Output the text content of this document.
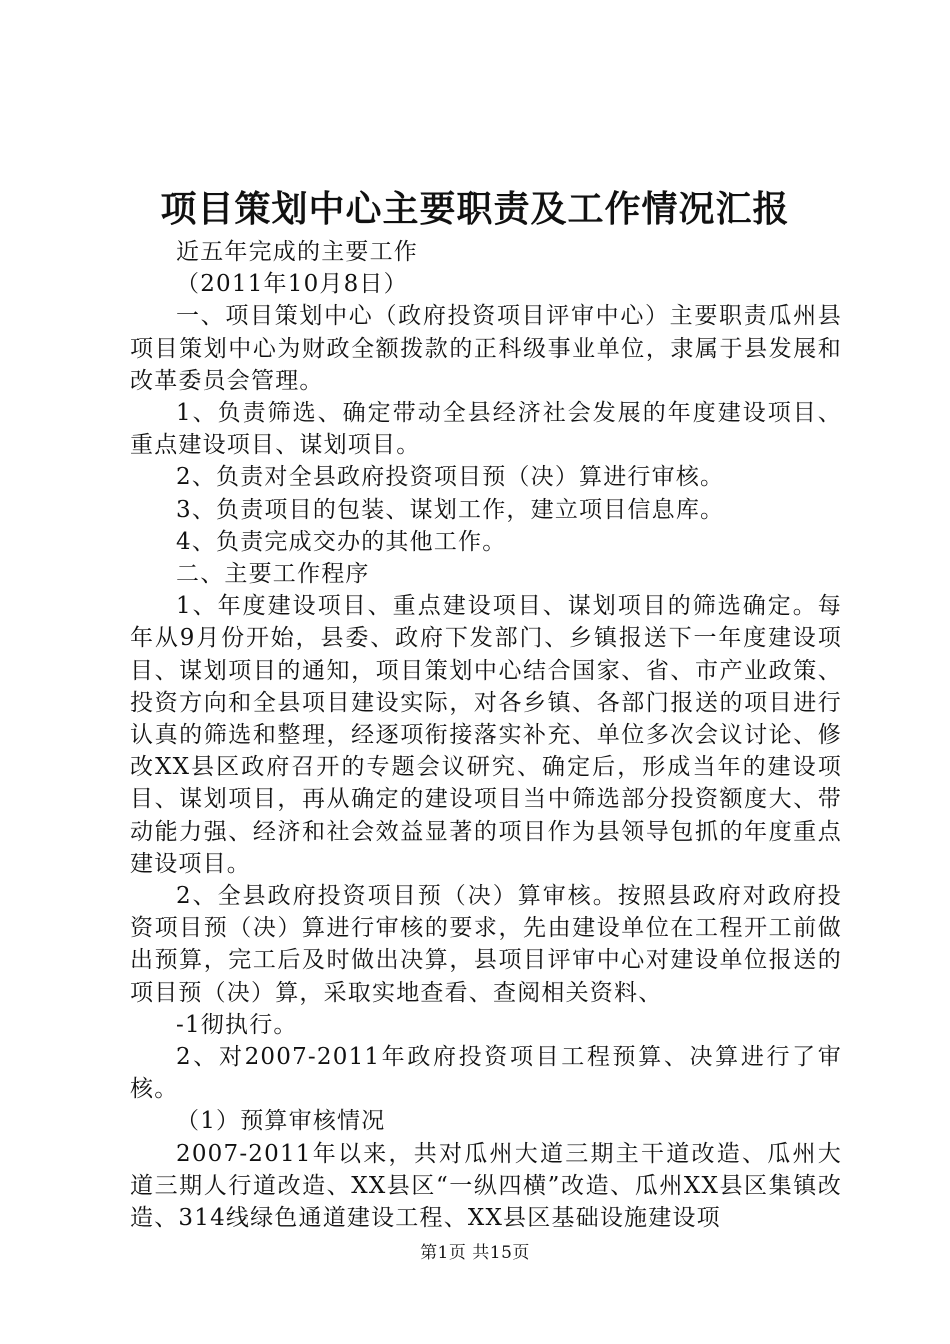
项目策划中心主要职责及工作情况汇报

近五年完成的主要工作

（2011年10月8日）

一、项目策划中心（政府投资项目评审中心）主要职责瓜州县项目策划中心为财政全额拨款的正科级事业单位，隶属于县发展和改革委员会管理。

1、负责筛选、确定带动全县经济社会发展的年度建设项目、重点建设项目、谋划项目。

2、负责对全县政府投资项目预（决）算进行审核。

3、负责项目的包装、谋划工作，建立项目信息库。

4、负责完成交办的其他工作。

二、主要工作程序

1、年度建设项目、重点建设项目、谋划项目的筛选确定。每年从9月份开始，县委、政府下发部门、乡镇报送下一年度建设项目、谋划项目的通知，项目策划中心结合国家、省、市产业政策、投资方向和全县项目建设实际，对各乡镇、各部门报送的项目进行认真的筛选和整理，经逐项衔接落实补充、单位多次会议讨论、修改XX县区政府召开的专题会议研究、确定后，形成当年的建设项目、谋划项目，再从确定的建设项目当中筛选部分投资额度大、带动能力强、经济和社会效益显著的项目作为县领导包抓的年度重点建设项目。

2、全县政府投资项目预（决）算审核。按照县政府对政府投资项目预（决）算进行审核的要求，先由建设单位在工程开工前做出预算，完工后及时做出决算，县项目评审中心对建设单位报送的项目预（决）算，采取实地查看、查阅相关资料、

-1彻执行。

2、对2007-2011年政府投资项目工程预算、决算进行了审核。

（1）预算审核情况

2007-2011年以来，共对瓜州大道三期主干道改造、瓜州大道三期人行道改造、XX县区“一纵四横”改造、瓜州XX县区集镇改造、314线绿色通道建设工程、XX县区基础设施建设项

第1页 共15页
